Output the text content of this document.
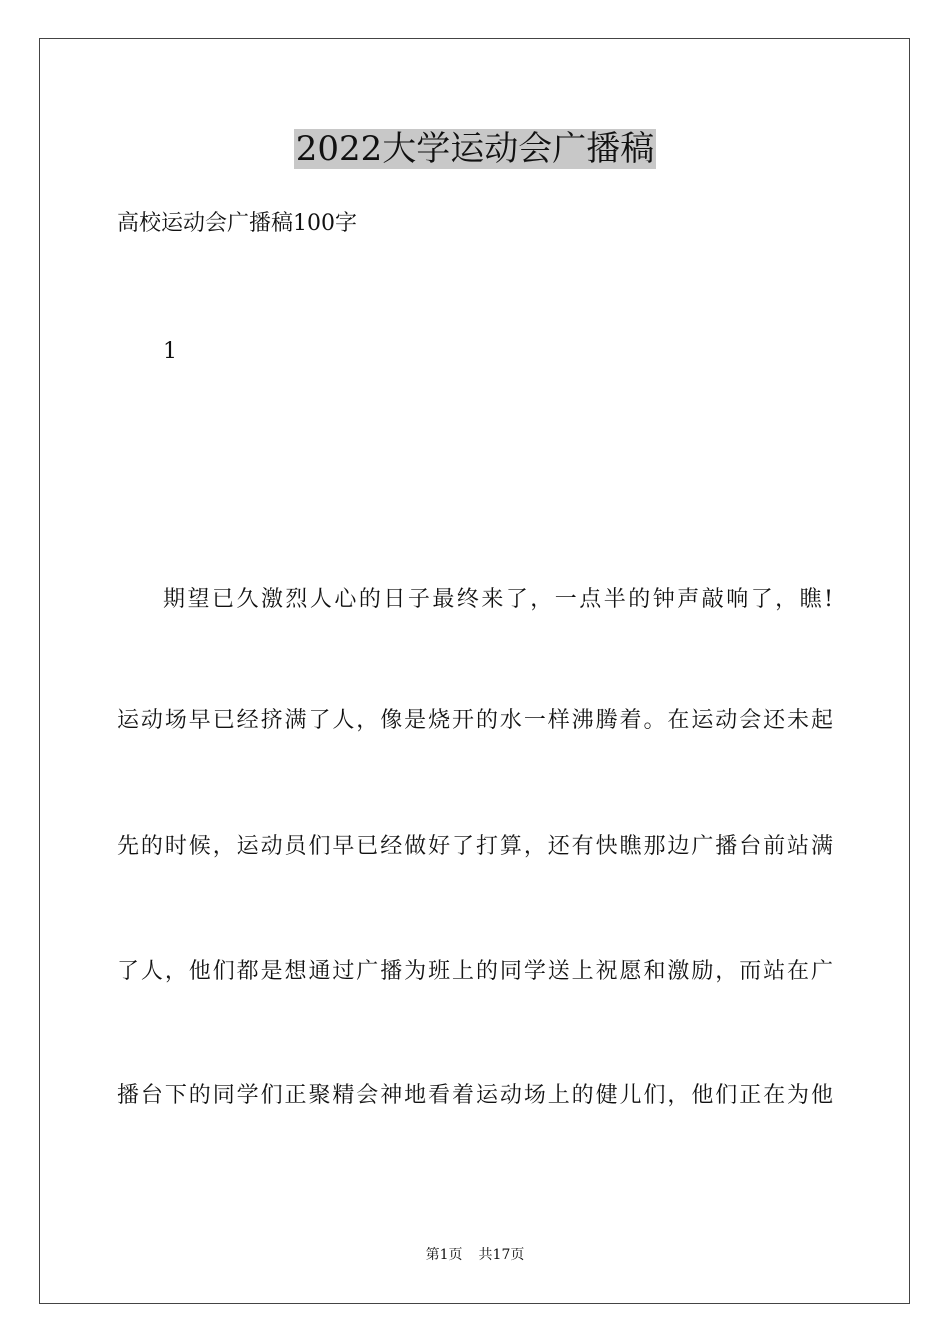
2022大学运动会广播稿

高校运动会广播稿100字

1

期望已久激烈人心的日子最终来了，一点半的钟声敲响了，瞧!

运动场早已经挤满了人，像是烧开的水一样沸腾着。在运动会还未起

先的时候，运动员们早已经做好了打算，还有快瞧那边广播台前站满

了人，他们都是想通过广播为班上的同学送上祝愿和激励，而站在广

播台下的同学们正聚精会神地看着运动场上的健儿们，他们正在为他

第1页 共17页
